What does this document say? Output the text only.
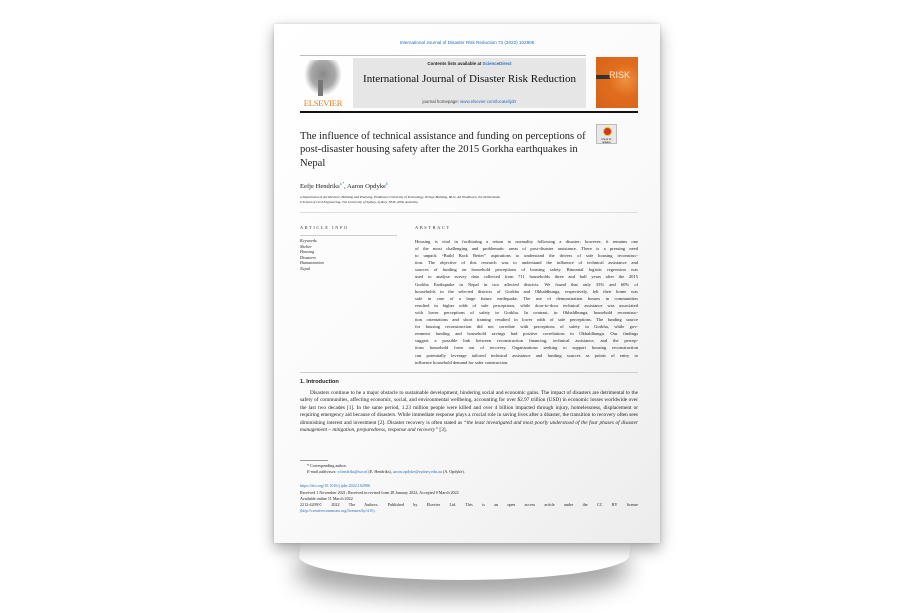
International Journal of Disaster Risk Reduction 73 (2022) 102906
ELSEVIER
Contents lists available at ScienceDirect
International Journal of Disaster Risk Reduction
journal homepage: www.elsevier.com/locate/ijdrr
RISK
The influence of technical assistance and funding on perceptions of post-disaster housing safety after the 2015 Gorkha earthquakes in Nepal
Check for updates
Eefje Hendriks$^{a,*}$, Aaron Opdyke$^b$
a Department of Architecture, Building and Planning, Eindhoven University of Technology, Vertigo Building, 8612, AZ Eindhoven, the Netherlands
b School of Civil Engineering, The University of Sydney, Sydney, NSW, 2006, Australia
ARTICLE INFO	ABSTRACT
Keywords
Shelter
Housing
Disasters
Humanitarian
Nepal
Housing is vital in facilitating a return to normality following a disaster; however, it remains one
of the most challenging and problematic areas of post-disaster assistance. There is a pressing need
to unpack “Build Back Better” aspirations to understand the drivers of safe housing reconstruc-
tion. The objective of this research was to understand the influence of technical assistance and
sources of funding on household perceptions of housing safety. Binomial logistic regression was
used to analyse survey data collected from 711 households three and half years after the 2015
Gorkha Earthquake in Nepal in two affected districts. We found that only 33% and 60% of
households in the selected districts of Gorkha and Okhaldhunga, respectively, felt their home was
safe in case of a large future earthquake. The use of demonstration houses in communities
resulted in higher odds of safe perceptions, while door-to-door technical assistance was associated
with lower perceptions of safety in Gorkha. In contrast, in Okhaldhunga, household reconstruc-
tion orientations and short training resulted in lower odds of safe perceptions. The funding source
for housing reconstruction did not correlate with perceptions of safety in Gorkha, while gov-
ernment funding and household savings had positive correlations in Okhaldhunga. Our findings
suggest a possible link between reconstruction financing, technical assistance, and the percep-
tions household form out of recovery. Organizations seeking to support housing reconstruction
can potentially leverage tailored technical assistance and funding sources as points of entry to
influence household demand for safer construction.
1. Introduction
Disasters continue to be a major obstacle to sustainable development, hindering social and economic gains. The impact of disasters are detrimental to the safety of communities, affecting economic, social, and environmental wellbeing, accounting for over $2.97 trillion (USD) in economic losses worldwide over the last two decades [1]. In the same period, 1.23 million people were killed and over 4 billion impacted through injury, homelessness, displacement or requiring emergency aid because of disasters. While immediate response plays a crucial role in saving lives after a disaster, the transition to recovery often sees diminishing interest and investment [2]. Disaster recovery is often stated as “the least investigated and most poorly understood of the four phases of disaster management – mitigation, preparedness, response and recovery” [3].
* Corresponding author.
E-mail addresses: e.hendriks@tue.nl (E. Hendriks), aaron.opdyke@sydney.edu.au (A. Opdyke).
https://doi.org/10.1016/j.ijdrr.2022.102906
Received 1 November 2021; Received in revised form 28 January 2022; Accepted 9 March 2022
Available online 11 March 2022
2212-4209/© 2022 The Authors. Published by Elsevier Ltd. This is an open access article under the CC BY license
(http://creativecommons.org/licenses/by/4.0/).
